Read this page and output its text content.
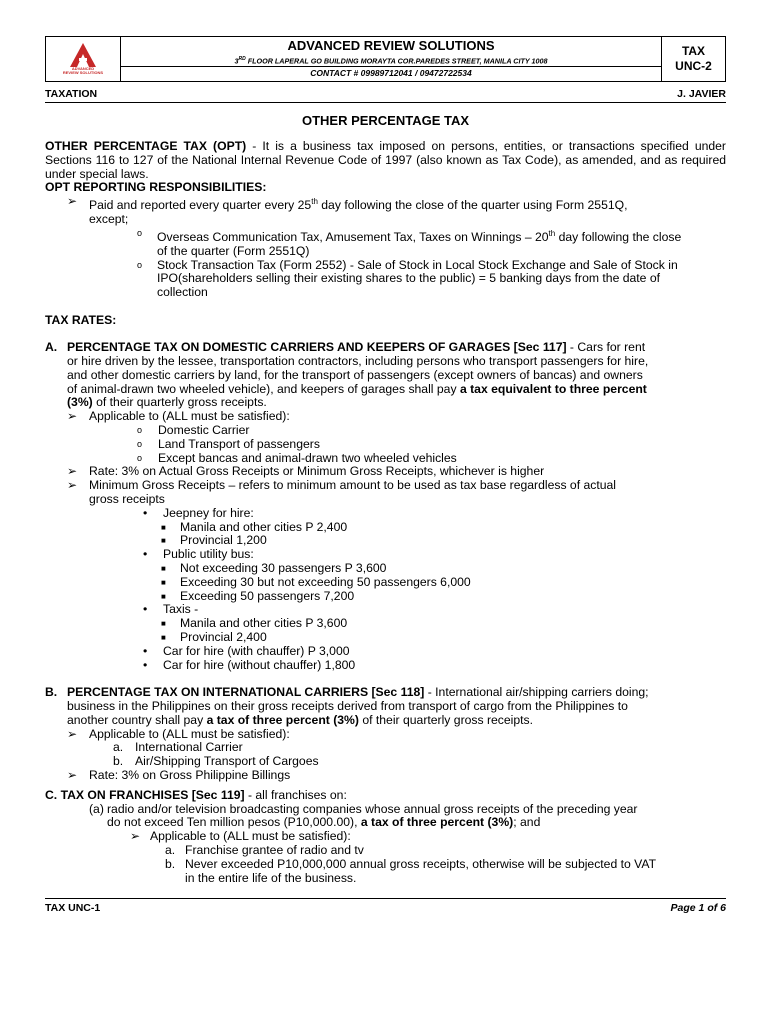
ADVANCED
REVIEW SOLUTIONS
ADVANCED REVIEW SOLUTIONS
3RD FLOOR LAPERAL GO BUILDING MORAYTA COR.PAREDES STREET, MANILA CITY 1008
CONTACT # 09989712041 / 09472722534
TAX
UNC-2
TAXATION	J. JAVIER
OTHER PERCENTAGE TAX

OTHER PERCENTAGE TAX (OPT) - It is a business tax imposed on persons, entities, or transactions specified under Sections 116 to 127 of the National Internal Revenue Code of 1997 (also known as Tax Code), as amended, and as required under special laws.

OPT REPORTING RESPONSIBILITIES:
➢ Paid and reported every quarter every 25th day following the close of the quarter using Form 2551Q,
except;
o Overseas Communication Tax, Amusement Tax, Taxes on Winnings – 20th day following the close
of the quarter (Form 2551Q)
o Stock Transaction Tax (Form 2552) - Sale of Stock in Local Stock Exchange and Sale of Stock in
IPO(shareholders selling their existing shares to the public) = 5 banking days from the date of
collection
TAX RATES:
A. PERCENTAGE TAX ON DOMESTIC CARRIERS AND KEEPERS OF GARAGES [Sec 117] - Cars for rent
or hire driven by the lessee, transportation contractors, including persons who transport passengers for hire,
and other domestic carriers by land, for the transport of passengers (except owners of bancas) and owners
of animal-drawn two wheeled vehicle), and keepers of garages shall pay a tax equivalent to three percent
(3%) of their quarterly gross receipts.
➢ Applicable to (ALL must be satisfied):
o Domestic Carrier
o Land Transport of passengers
o Except bancas and animal-drawn two wheeled vehicles
➢ Rate: 3% on Actual Gross Receipts or Minimum Gross Receipts, whichever is higher
➢ Minimum Gross Receipts – refers to minimum amount to be used as tax base regardless of actual
gross receipts
• Jeepney for hire:
■ Manila and other cities P 2,400
■ Provincial 1,200
• Public utility bus:
■ Not exceeding 30 passengers P 3,600
■ Exceeding 30 but not exceeding 50 passengers 6,000
■ Exceeding 50 passengers 7,200
• Taxis -
■ Manila and other cities P 3,600
■ Provincial 2,400
• Car for hire (with chauffer) P 3,000
• Car for hire (without chauffer) 1,800
B. PERCENTAGE TAX ON INTERNATIONAL CARRIERS [Sec 118] - International air/shipping carriers doing;
business in the Philippines on their gross receipts derived from transport of cargo from the Philippines to
another country shall pay a tax of three percent (3%) of their quarterly gross receipts.
➢ Applicable to (ALL must be satisfied):
a. International Carrier
b. Air/Shipping Transport of Cargoes
➢ Rate: 3% on Gross Philippine Billings
C. TAX ON FRANCHISES [Sec 119] - all franchises on:
(a) radio and/or television broadcasting companies whose annual gross receipts of the preceding year
do not exceed Ten million pesos (P10,000.00), a tax of three percent (3%); and
➢ Applicable to (ALL must be satisfied):
a. Franchise grantee of radio and tv
b. Never exceeded P10,000,000 annual gross receipts, otherwise will be subjected to VAT
in the entire life of the business.
TAX UNC-1	Page 1 of 6
